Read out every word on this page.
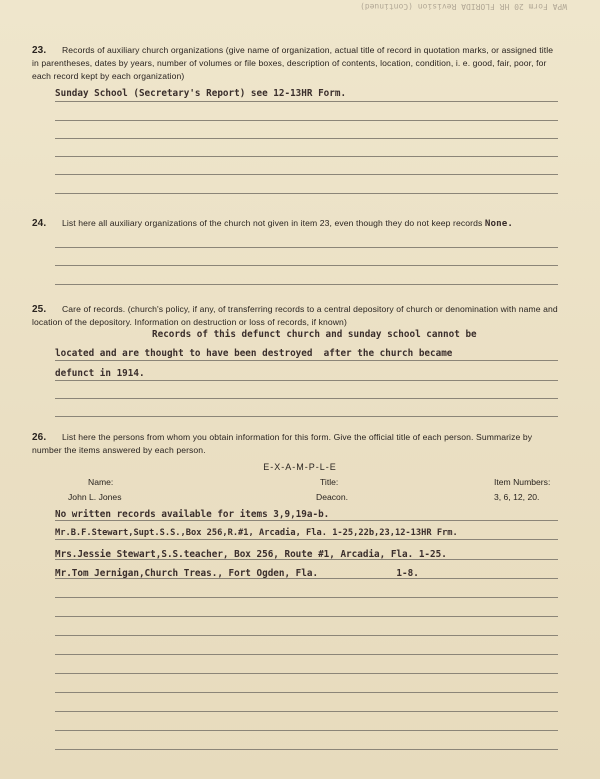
WPA Form 20 HR FLORIDA Revision (Continued)
23. Records of auxiliary church organizations (give name of organization, actual title of record in quotation marks, or assigned title in parentheses, dates by years, number of volumes or file boxes, description of contents, location, condition, i. e. good, fair, poor, for each record kept by each organization)
Sunday School (Secretary's Report) see 12-13HR Form.
24. List here all auxiliary organizations of the church not given in item 23, even though they do not keep records None.
25. Care of records. (church's policy, if any, of transferring records to a central depository of church or denomination with name and location of the depository. Information on destruction or loss of records, if known)
Records of this defunct church and sunday school cannot be
located and are thought to have been destroyed  after the church became
defunct in 1914.
26. List here the persons from whom you obtain information for this form. Give the official title of each person. Summarize by number the items answered by each person.
E-X-A-M-P-L-E
Name:	Title:	Item Numbers:
John L. Jones	Deacon.	3, 6, 12, 20.
No written records available for items 3,9,19a-b.
Mr.B.F.Stewart,Supt.S.S.,Box 256,R.#1, Arcadia, Fla. 1-25,22b,23,12-13HR Frm.
Mrs.Jessie Stewart,S.S.teacher, Box 256, Route #1, Arcadia, Fla. 1-25.
Mr.Tom Jernigan,Church Treas., Fort Ogden, Fla.              1-8.
